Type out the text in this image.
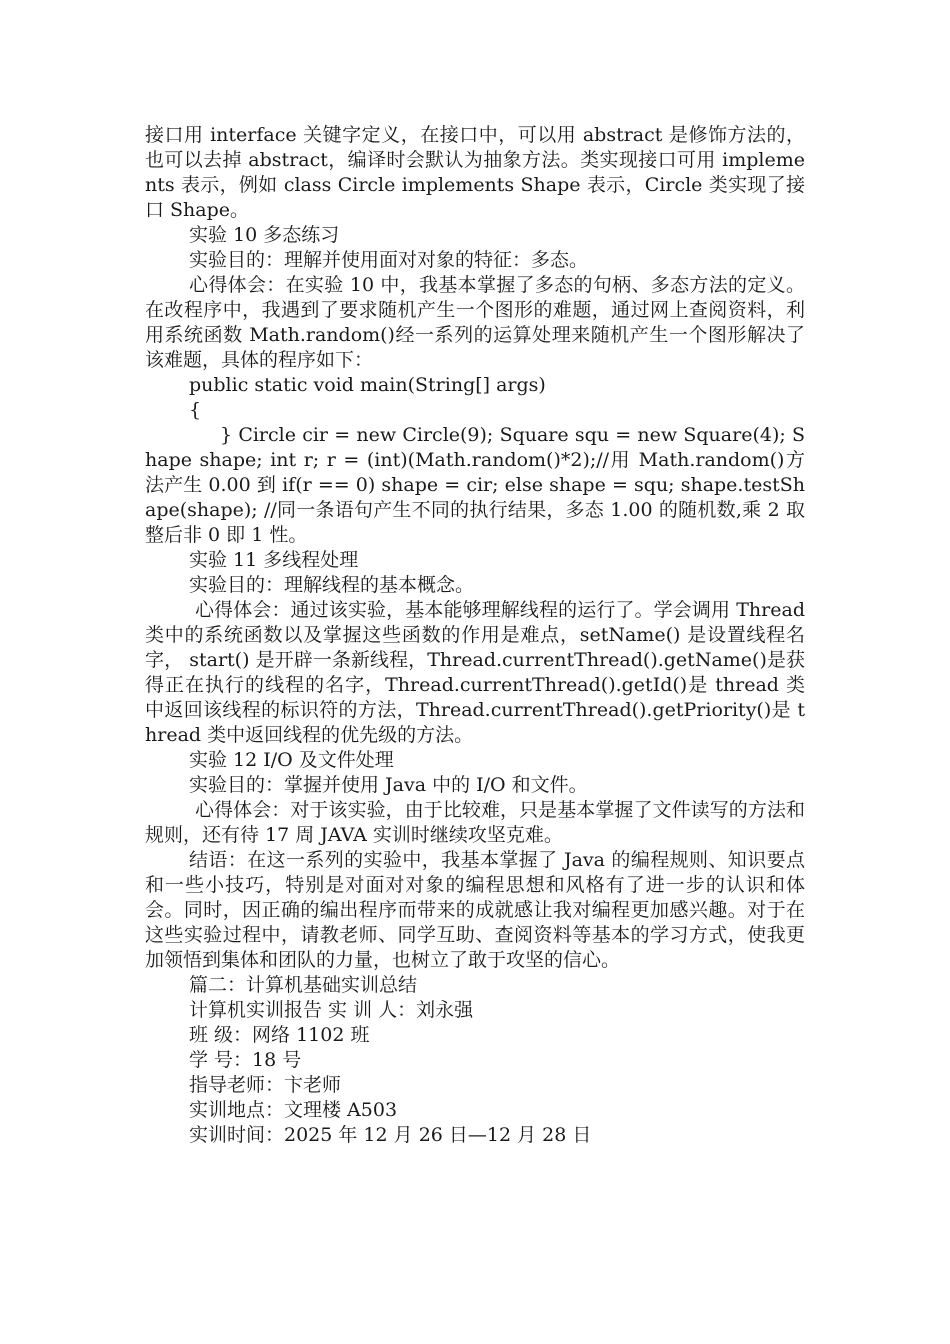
接口用 interface 关键字定义，在接口中，可以用 abstract 是修饰方法的，也可以去掉 abstract，编译时会默认为抽象方法。类实现接口可用 implements 表示，例如 class Circle implements Shape 表示，Circle 类实现了接口 Shape。

实验 10 多态练习

实验目的：理解并使用面对对象的特征：多态。

心得体会：在实验 10 中，我基本掌握了多态的句柄、多态方法的定义。在改程序中，我遇到了要求随机产生一个图形的难题，通过网上查阅资料，利用系统函数 Math.random()经一系列的运算处理来随机产生一个图形解决了该难题，具体的程序如下：

public static void main(String[] args)

{

} Circle cir = new Circle(9); Square squ = new Square(4); Shape shape; int r; r = (int)(Math.random()*2);//用 Math.random()方法产生 0.00 到 if(r == 0) shape = cir; else shape = squ; shape.testShape(shape); //同一条语句产生不同的执行结果，多态 1.00 的随机数,乘 2 取整后非 0 即 1 性。

实验 11 多线程处理

实验目的：理解线程的基本概念。

心得体会：通过该实验，基本能够理解线程的运行了。学会调用 Thread 类中的系统函数以及掌握这些函数的作用是难点，setName() 是设置线程名字， start() 是开辟一条新线程，Thread.currentThread().getName()是获得正在执行的线程的名字，Thread.currentThread().getId()是 thread 类中返回该线程的标识符的方法，Thread.currentThread().getPriority()是 thread 类中返回线程的优先级的方法。

实验 12 I/O 及文件处理

实验目的：掌握并使用 Java 中的 I/O 和文件。

心得体会：对于该实验，由于比较难，只是基本掌握了文件读写的方法和规则，还有待 17 周 JAVA 实训时继续攻坚克难。

结语：在这一系列的实验中，我基本掌握了 Java 的编程规则、知识要点和一些小技巧，特别是对面对对象的编程思想和风格有了进一步的认识和体会。同时，因正确的编出程序而带来的成就感让我对编程更加感兴趣。对于在这些实验过程中，请教老师、同学互助、查阅资料等基本的学习方式，使我更加领悟到集体和团队的力量，也树立了敢于攻坚的信心。

篇二：计算机基础实训总结

计算机实训报告 实 训 人：刘永强

班 级：网络 1102 班

学 号：18 号

指导老师：卞老师

实训地点：文理楼 A503

实训时间：2025 年 12 月 26 日—12 月 28 日
